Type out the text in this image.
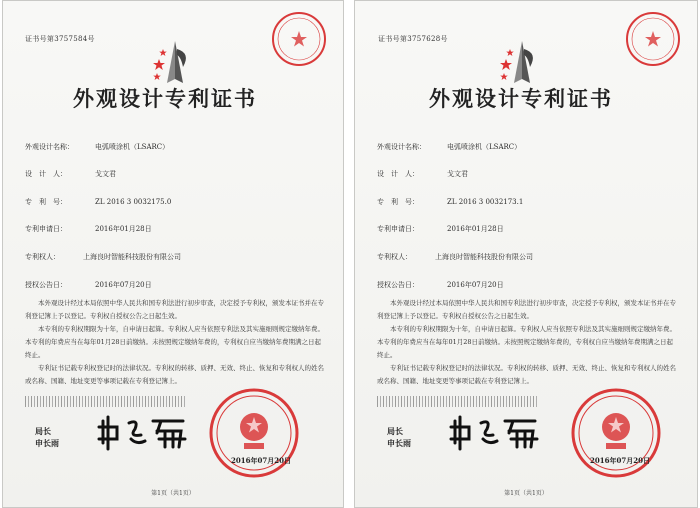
证书号第3757584号
外观设计专利证书
外观设计名称：	电弧喷涂机（LSARC）
设　计　人：	戈文君
专　利　号：	ZL 2016 3 0032175.0
专利申请日：	2016年01月28日
专利权人：	上海良时智能科技股份有限公司
授权公告日：	2016年07月20日

本外观设计经过本局依照中华人民共和国专利法进行初步审查，决定授予专利权，颁发本证书并在专利登记簿上予以登记。专利权自授权公告之日起生效。

本专利的专利权期限为十年，自申请日起算。专利权人应当依照专利法及其实施细则规定缴纳年费。本专利的年费应当在每年01月28日前缴纳。未按照规定缴纳年费的，专利权自应当缴纳年费期满之日起终止。

专利证书记载专利权登记时的法律状况。专利权的转移、质押、无效、终止、恢复和专利权人的姓名或名称、国籍、地址变更等事项记载在专利登记簿上。

局长
申长雨
2016年07月20日
第1页（共1页）
证书号第3757628号
外观设计专利证书
外观设计名称：	电弧喷涂机（LSARC）
设　计　人：	戈文君
专　利　号：	ZL 2016 3 0032173.1
专利申请日：	2016年01月28日
专利权人：	上海良时智能科技股份有限公司
授权公告日：	2016年07月20日

本外观设计经过本局依照中华人民共和国专利法进行初步审查，决定授予专利权，颁发本证书并在专利登记簿上予以登记。专利权自授权公告之日起生效。

本专利的专利权期限为十年，自申请日起算。专利权人应当依照专利法及其实施细则规定缴纳年费。本专利的年费应当在每年01月28日前缴纳。未按照规定缴纳年费的，专利权自应当缴纳年费期满之日起终止。

专利证书记载专利权登记时的法律状况。专利权的转移、质押、无效、终止、恢复和专利权人的姓名或名称、国籍、地址变更等事项记载在专利登记簿上。

局长
申长雨
2016年07月20日
第1页（共1页）
